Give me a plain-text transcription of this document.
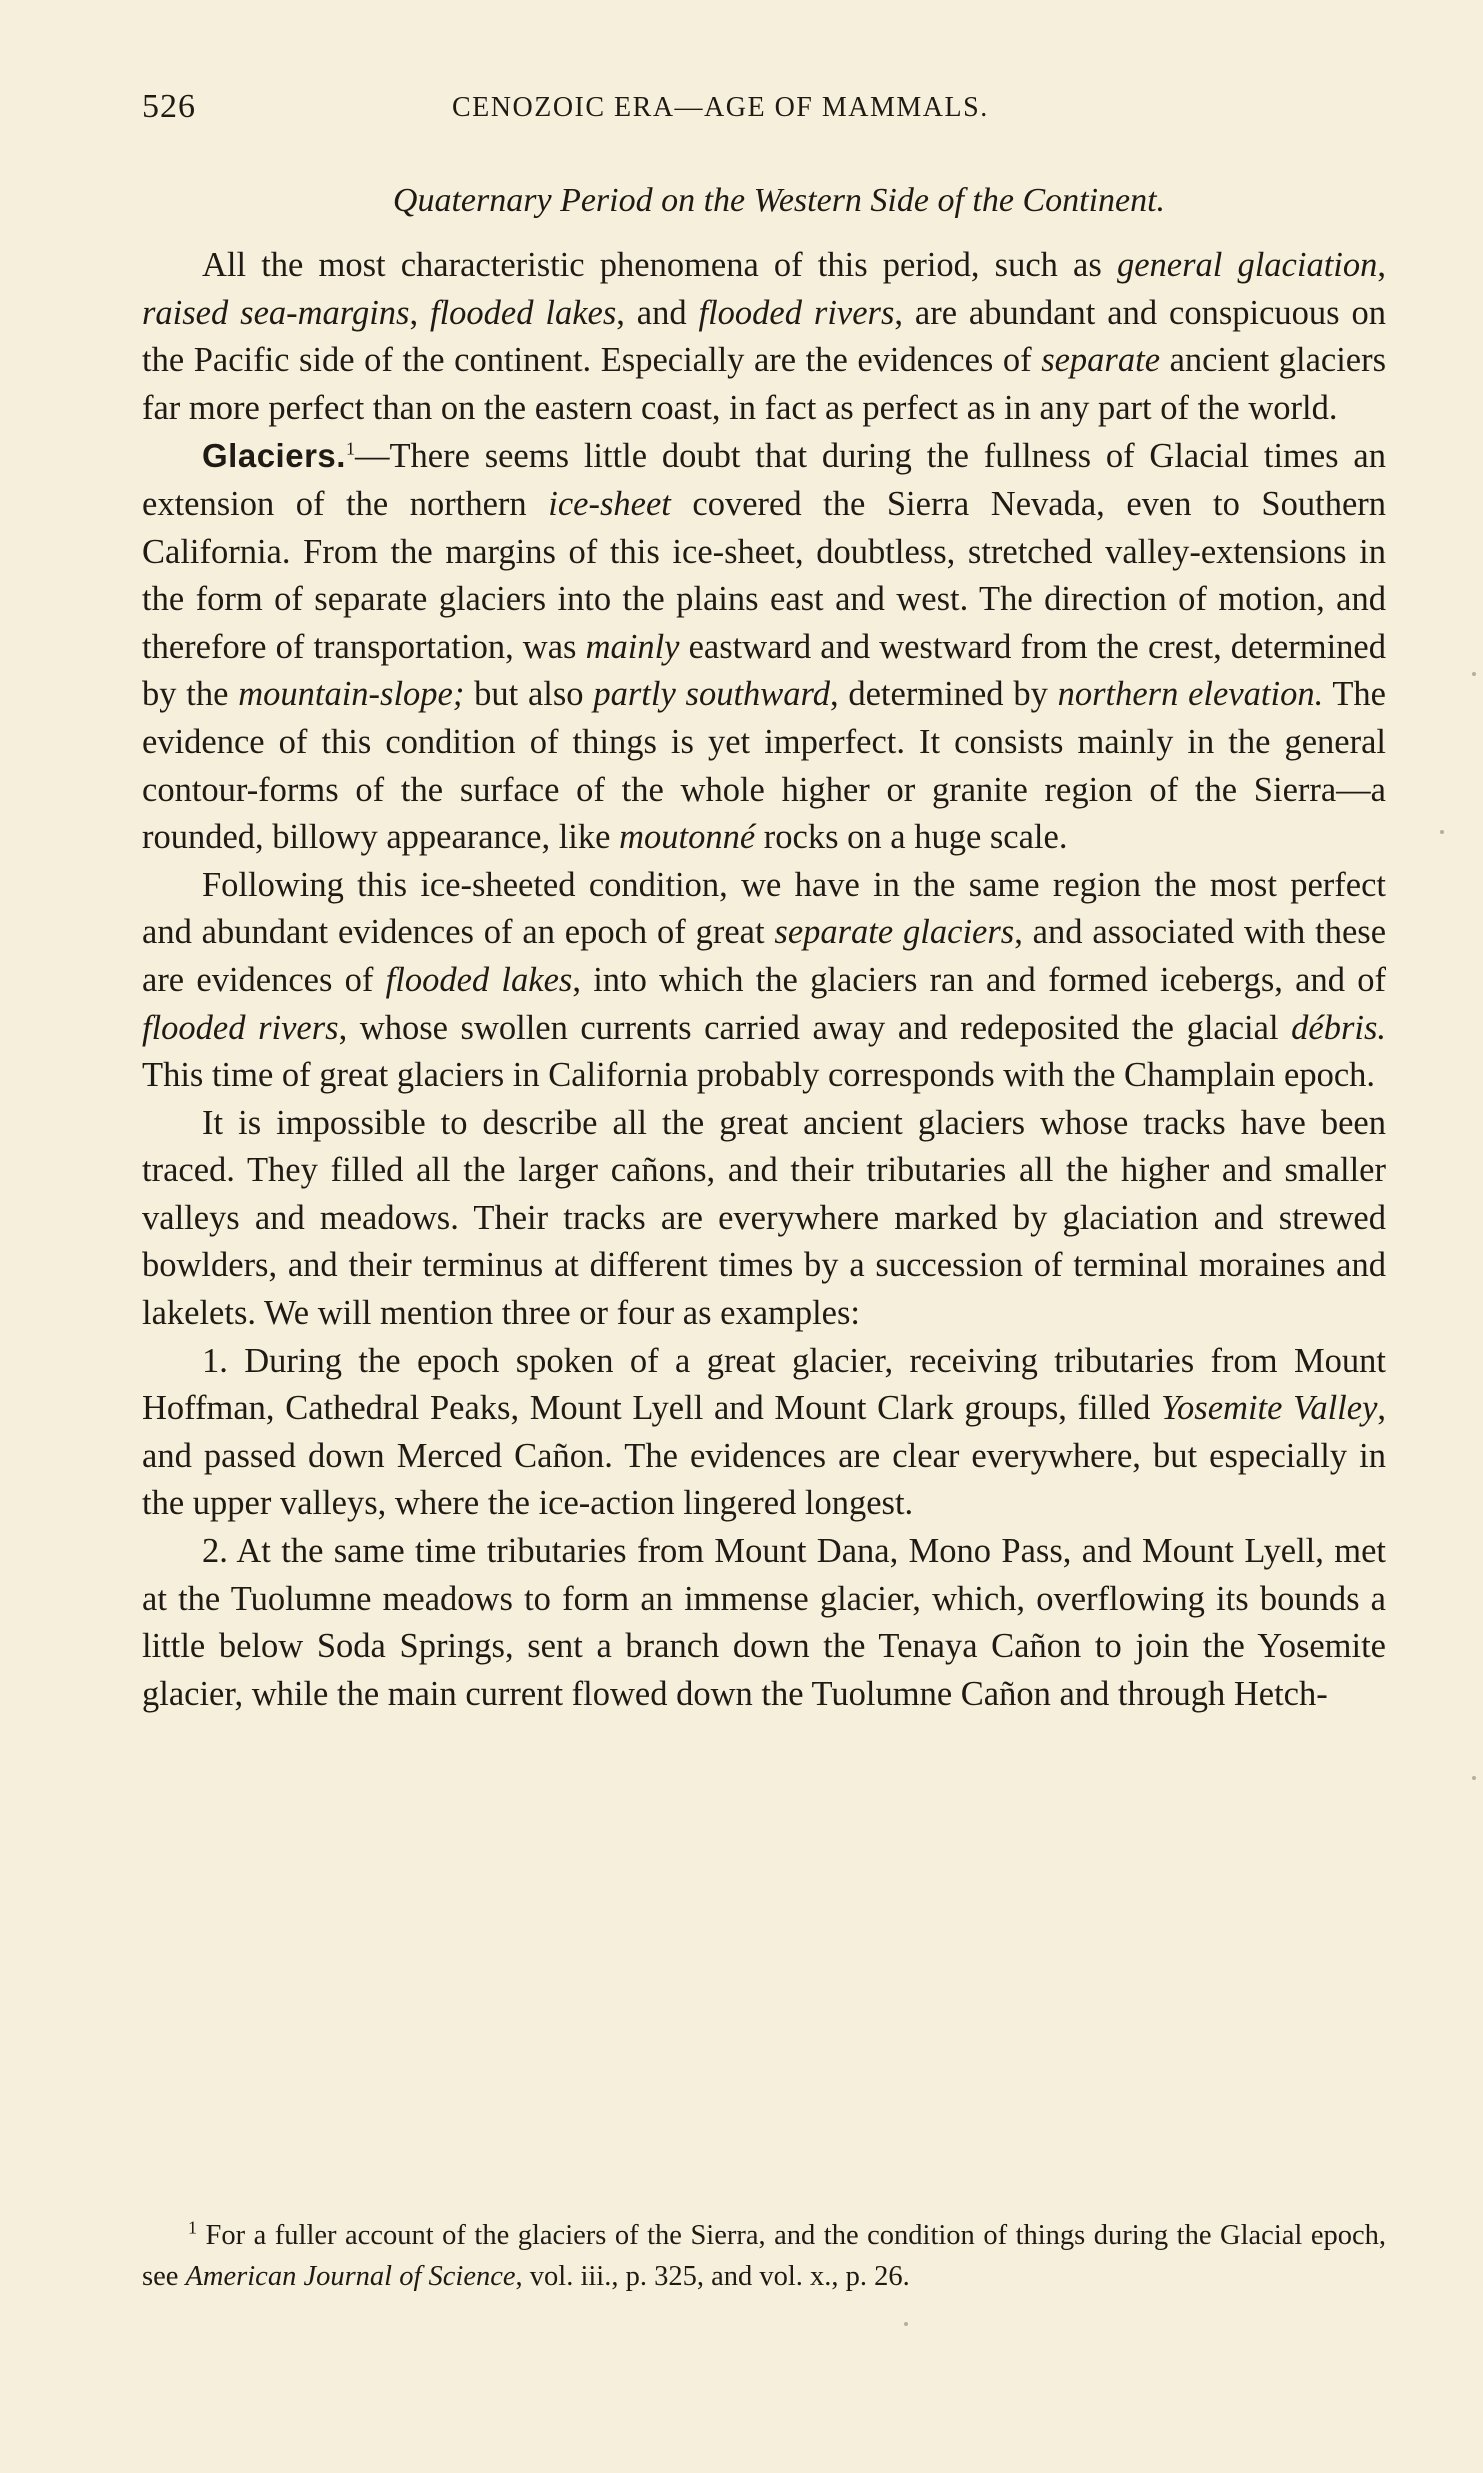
526	CENOZOIC ERA—AGE OF MAMMALS.

Quaternary Period on the Western Side of the Continent.

All the most characteristic phenomena of this period, such as general glaciation, raised sea-margins, flooded lakes, and flooded rivers, are abundant and conspicuous on the Pacific side of the continent. Especially are the evidences of separate ancient glaciers far more perfect than on the eastern coast, in fact as perfect as in any part of the world.

Glaciers.$^1$—There seems little doubt that during the fullness of Glacial times an extension of the northern ice-sheet covered the Sierra Nevada, even to Southern California. From the margins of this ice-sheet, doubtless, stretched valley-extensions in the form of separate glaciers into the plains east and west. The direction of motion, and therefore of transportation, was mainly eastward and westward from the crest, determined by the mountain-slope; but also partly southward, determined by northern elevation. The evidence of this condition of things is yet imperfect. It consists mainly in the general contour-forms of the surface of the whole higher or granite region of the Sierra—a rounded, billowy appearance, like moutonné rocks on a huge scale.

Following this ice-sheeted condition, we have in the same region the most perfect and abundant evidences of an epoch of great separate glaciers, and associated with these are evidences of flooded lakes, into which the glaciers ran and formed icebergs, and of flooded rivers, whose swollen currents carried away and redeposited the glacial débris. This time of great glaciers in California probably corresponds with the Champlain epoch.

It is impossible to describe all the great ancient glaciers whose tracks have been traced. They filled all the larger cañons, and their tributaries all the higher and smaller valleys and meadows. Their tracks are everywhere marked by glaciation and strewed bowlders, and their terminus at different times by a succession of terminal moraines and lakelets. We will mention three or four as examples:

1. During the epoch spoken of a great glacier, receiving tributaries from Mount Hoffman, Cathedral Peaks, Mount Lyell and Mount Clark groups, filled Yosemite Valley, and passed down Merced Cañon. The evidences are clear everywhere, but especially in the upper valleys, where the ice-action lingered longest.

2. At the same time tributaries from Mount Dana, Mono Pass, and Mount Lyell, met at the Tuolumne meadows to form an immense glacier, which, overflowing its bounds a little below Soda Springs, sent a branch down the Tenaya Cañon to join the Yosemite glacier, while the main current flowed down the Tuolumne Cañon and through Hetch-

$^1$ For a fuller account of the glaciers of the Sierra, and the condition of things during the Glacial epoch, see American Journal of Science, vol. iii., p. 325, and vol. x., p. 26.
